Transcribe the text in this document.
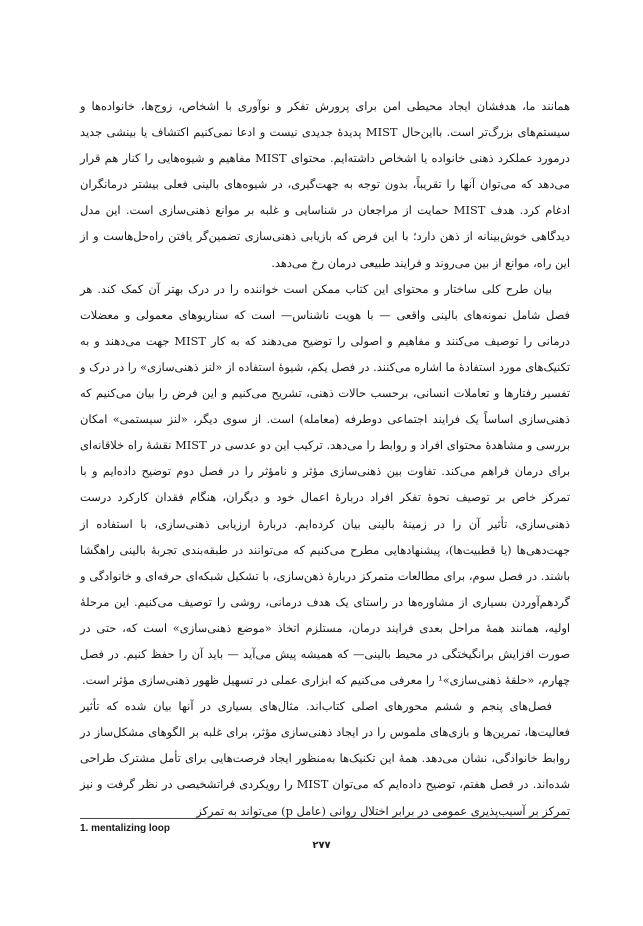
همانند ما، هدفشان ایجاد محیطی امن برای پرورش تفکر و نوآوری با اشخاص، زوج‌ها، خانواده‌ها و سیستم‌های بزرگ‌تر است. بااین‌حال MIST پدیدهٔ جدیدی نیست و ادعا نمی‌کنیم اکتشاف یا بینشی جدید درمورد عملکرد ذهنی خانواده یا اشخاص داشته‌ایم. محتوای MIST مفاهیم و شیوه‌هایی را کنار هم قرار می‌دهد که می‌توان آنها را تقریباً، بدون توجه به جهت‌گیری، در شیوه‌های بالینی فعلی بیشتر درمانگران ادغام کرد. هدف MIST حمایت از مراجعان در شناسایی و غلبه بر موانع ذهنی‌سازی است. این مدل دیدگاهی خوش‌بینانه از ذهن دارد؛ با این فرض که بازیابی ذهنی‌سازی تضمین‌گر یافتن راه‌حل‌هاست و از این راه، موانع از بین می‌روند و فرایند طبیعی درمان رخ می‌دهد.

بیان طرح کلی ساختار و محتوای این کتاب ممکن است خواننده را در درک بهتر آن کمک کند. هر فصل شامل نمونه‌های بالینی واقعی — با هویت ناشناس— است که سناریوهای معمولی و معضلات درمانی را توصیف می‌کنند و مفاهیم و اصولی را توضیح می‌دهند که به کار MIST جهت می‌دهند و به تکنیک‌های مورد استفادهٔ ما اشاره می‌کنند. در فصل یکم، شیوهٔ استفاده از «لنز ذهنی‌سازی» را در درک و تفسیر رفتارها و تعاملات انسانی، برحسب حالات ذهنی، تشریح می‌کنیم و این فرض را بیان می‌کنیم که ذهنی‌سازی اساساً یک فرایند اجتماعی دوطرفه (معامله) است. از سوی دیگر، «لنز سیستمی» امکان بررسی و مشاهدهٔ محتوای افراد و روابط را می‌دهد. ترکیب این دو عدسی در MIST نقشهٔ راه خلاقانه‌ای برای درمان فراهم می‌کند. تفاوت بین ذهنی‌سازی مؤثر و نامؤثر را در فصل دوم توضیح داده‌ایم و با تمرکز خاص بر توصیف نحوهٔ تفکر افراد دربارهٔ اعمال خود و دیگران، هنگام فقدان کارکرد درست ذهنی‌سازی، تأثیر آن را در زمینهٔ بالینی بیان کرده‌ایم. دربارهٔ ارزیابی ذهنی‌سازی، با استفاده از جهت‌دهی‌ها (یا قطبیت‌ها)، پیشنهادهایی مطرح می‌کنیم که می‌توانند در طبقه‌بندی تجربهٔ بالینی راهگشا باشند. در فصل سوم، برای مطالعات متمرکز دربارهٔ ذهن‌سازی، با تشکیل شبکه‌ای حرفه‌ای و خانوادگی و گردهم‌آوردن بسیاری از مشاوره‌ها در راستای یک هدف درمانی، روشی را توصیف می‌کنیم. این مرحلهٔ اولیه، همانند همهٔ مراحل بعدی فرایند درمان، مستلزم اتخاذ «موضع ذهنی‌سازی» است که، حتی در صورت افزایش برانگیختگی در محیط بالینی— که همیشه پیش می‌آید — باید آن را حفظ کنیم. در فصل چهارم، «حلقهٔ ذهنی‌سازی»¹ را معرفی می‌کنیم که ابزاری عملی در تسهیل ظهور ذهنی‌سازی مؤثر است.

فصل‌های پنجم و ششم محورهای اصلی کتاب‌اند. مثال‌های بسیاری در آنها بیان شده که تأثیر فعالیت‌ها، تمرین‌ها و بازی‌های ملموس را در ایجاد ذهنی‌سازی مؤثر، برای غلبه بر الگوهای مشکل‌ساز در روابط خانوادگی، نشان می‌دهد. همهٔ این تکنیک‌ها به‌منظور ایجاد فرصت‌هایی برای تأمل مشترک طراحی شده‌اند. در فصل هفتم، توضیح داده‌ایم که می‌توان MIST را رویکردی فراتشخیصی در نظر گرفت و نیز تمرکز بر آسیب‌پذیری عمومی در برابر اختلال روانی (عامل p) می‌تواند به تمرکز

1. mentalizing loop
۲۷۷
